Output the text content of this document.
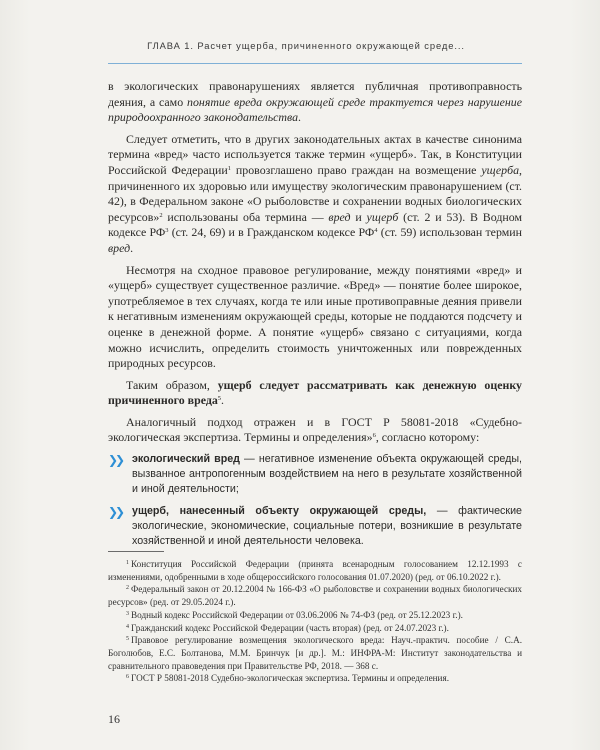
ГЛАВА 1. Расчет ущерба, причиненного окружающей среде...

в экологических правонарушениях является публичная противоправность деяния, а само понятие вреда окружающей среде трактуется через нарушение природоохранного законодательства.

Следует отметить, что в других законодательных актах в качестве синонима термина «вред» часто используется также термин «ущерб». Так, в Конституции Российской Федерации$^1$ провозглашено право граждан на возмещение ущерба, причиненного их здоровью или имуществу экологическим правонарушением (ст. 42), в Федеральном законе «О рыболовстве и сохранении водных биологических ресурсов»$^2$ использованы оба термина — вред и ущерб (ст. 2 и 53). В Водном кодексе $РФ^3$ (ст. 24, 69) и в Гражданском кодексе $РФ^4$ (ст. 59) использован термин вред.

Несмотря на сходное правовое регулирование, между понятиями «вред» и «ущерб» существует существенное различие. «Вред» — понятие более широкое, употребляемое в тех случаях, когда те или иные противоправные деяния привели к негативным изменениям окружающей среды, которые не поддаются подсчету и оценке в денежной форме. А понятие «ущерб» связано с ситуациями, когда можно исчислить, определить стоимость уничтоженных или поврежденных природных ресурсов.

Таким образом, ущерб следует рассматривать как денежную оценку причиненного вреда$^5$.

Аналогичный подход отражен и в ГОСТ Р 58081-2018 «Судебно-экологическая экспертиза. Термины и определения»$^6$, согласно которому:

❯❯ экологический вред — негативное изменение объекта окружающей среды, вызванное антропогенным воздействием на него в результате хозяйственной и иной деятельности;

❯❯ ущерб, нанесенный объекту окружающей среды, — фактические экологические, экономические, социальные потери, возникшие в результате хозяйственной и иной деятельности человека.

$^1$ Конституция Российской Федерации (принята всенародным голосованием 12.12.1993 с изменениями, одобренными в ходе общероссийского голосования 01.07.2020) (ред. от 06.10.2022 г.).

$^2$ Федеральный закон от 20.12.2004 № 166-ФЗ «О рыболовстве и сохранении водных биологических ресурсов» (ред. от 29.05.2024 г.).

$^3$ Водный кодекс Российской Федерации от 03.06.2006 № 74-ФЗ (ред. от 25.12.2023 г.).

$^4$ Гражданский кодекс Российской Федерации (часть вторая) (ред. от 24.07.2023 г.).

$^5$ Правовое регулирование возмещения экологического вреда: Науч.-практич. пособие / С.А. Боголюбов, Е.С. Болтанова, М.М. Бринчук [и др.]. М.: ИНФРА-М: Институт законодательства и сравнительного правоведения при Правительстве РФ, 2018. — 368 с.

$^6$ ГОСТ Р 58081-2018 Судебно-экологическая экспертиза. Термины и определения.

16
